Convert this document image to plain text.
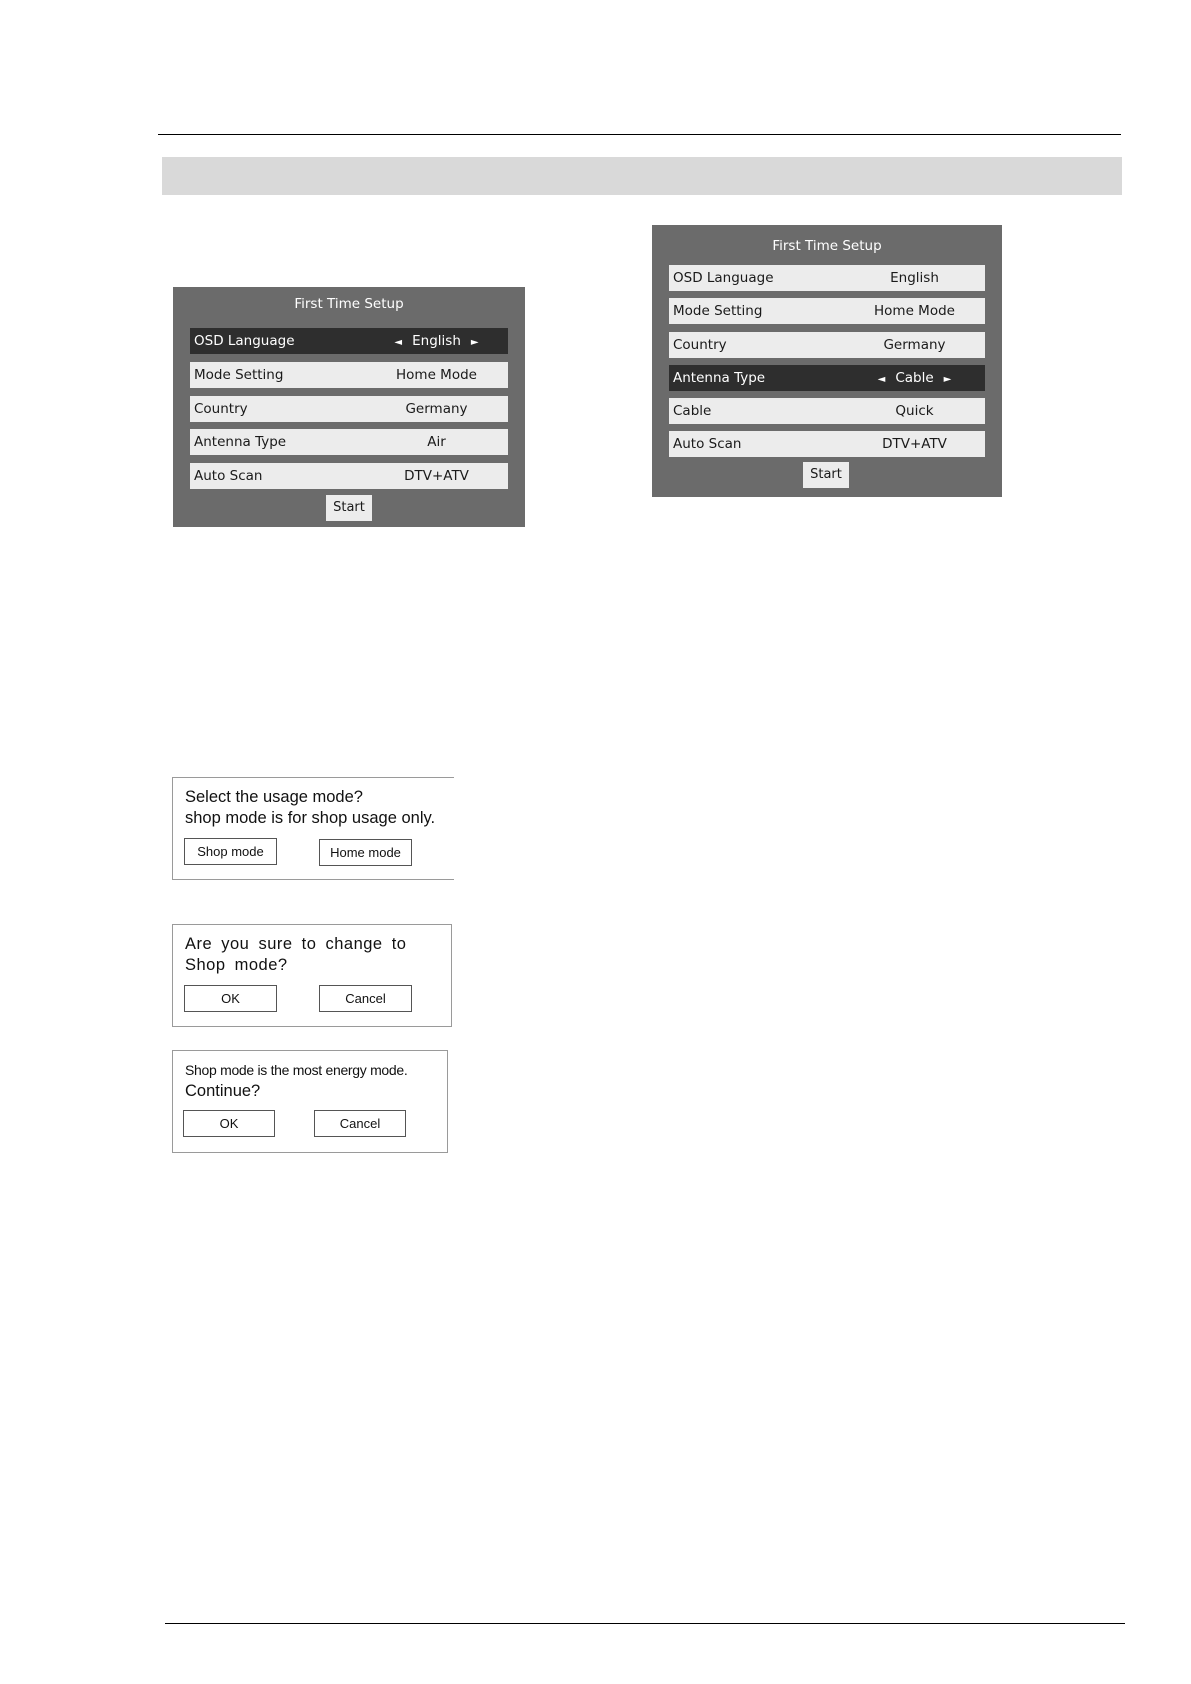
First Time Setup
OSD Language	◄ English ►
Mode Setting	Home Mode
Country	Germany
Antenna Type	Air
Auto Scan	DTV+ATV
Start
First Time Setup
OSD Language	English
Mode Setting	Home Mode
Country	Germany
Antenna Type	◄ Cable ►
Cable	Quick
Auto Scan	DTV+ATV
Start
Select the usage mode?
shop mode is for shop usage only.
Shop mode	Home mode
Are you sure to change to
Shop mode?
OK	Cancel
Shop mode is the most energy mode.
Continue?
OK	Cancel
